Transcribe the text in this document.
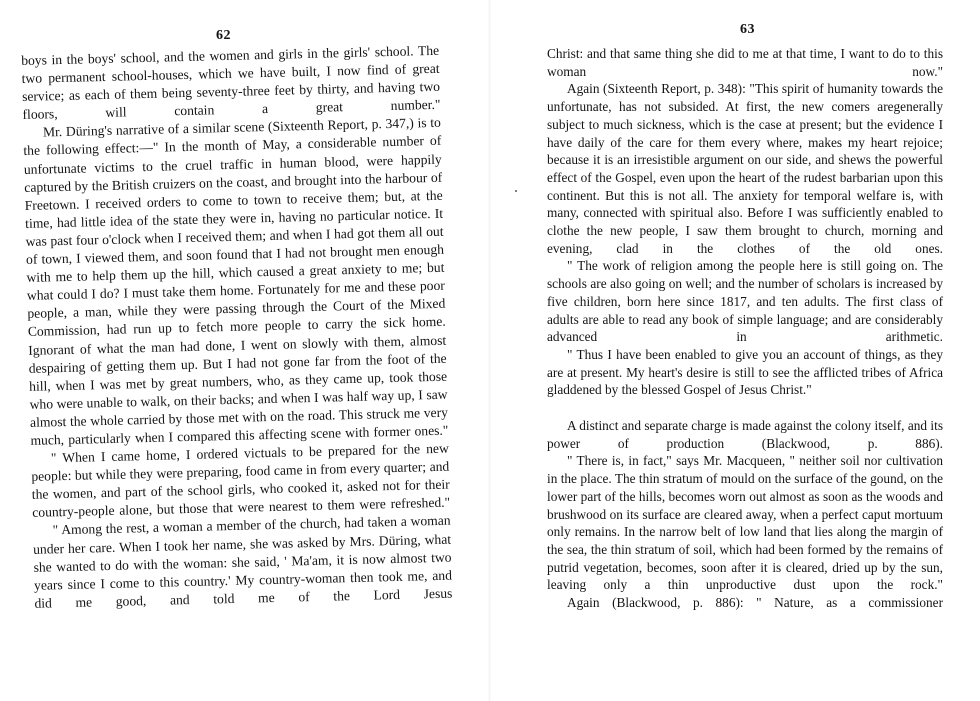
62

boys in the boys' school, and the women and girls in the girls' school. The two permanent school-houses, which we have built, I now find of great service; as each of them being seventy-three feet by thirty, and having two floors, will contain a great number."

Mr. Düring's narrative of a similar scene (Sixteenth Report, p. 347,) is to the following effect:—" In the month of May, a considerable number of unfortunate victims to the cruel traffic in human blood, were happily captured by the British cruizers on the coast, and brought into the harbour of Freetown. I received orders to come to town to receive them; but, at the time, had little idea of the state they were in, having no particular notice. It was past four o'clock when I received them; and when I had got them all out of town, I viewed them, and soon found that I had not brought men enough with me to help them up the hill, which caused a great anxiety to me; but what could I do? I must take them home. Fortunately for me and these poor people, a man, while they were passing through the Court of the Mixed Commission, had run up to fetch more people to carry the sick home. Ignorant of what the man had done, I went on slowly with them, almost despairing of getting them up. But I had not gone far from the foot of the hill, when I was met by great numbers, who, as they came up, took those who were unable to walk, on their backs; and when I was half way up, I saw almost the whole carried by those met with on the road. This struck me very much, particularly when I compared this affecting scene with former ones."

" When I came home, I ordered victuals to be prepared for the new people: but while they were preparing, food came in from every quarter; and the women, and part of the school girls, who cooked it, asked not for their country-people alone, but those that were nearest to them were refreshed."

" Among the rest, a woman a member of the church, had taken a woman under her care. When I took her name, she was asked by Mrs. Düring, what she wanted to do with the woman: she said, ' Ma'am, it is now almost two years since I come to this country.' My country-woman then took me, and did me good, and told me of the Lord Jesus

63

Christ: and that same thing she did to me at that time, I want to do to this woman now."

Again (Sixteenth Report, p. 348): "This spirit of humanity towards the unfortunate, has not subsided. At first, the new comers aregenerally subject to much sickness, which is the case at present; but the evidence I have daily of the care for them every where, makes my heart rejoice; because it is an irresistible argument on our side, and shews the powerful effect of the Gospel, even upon the heart of the rudest barbarian upon this continent. But this is not all. The anxiety for temporal welfare is, with many, connected with spiritual also. Before I was sufficiently enabled to clothe the new people, I saw them brought to church, morning and evening, clad in the clothes of the old ones.

" The work of religion among the people here is still going on. The schools are also going on well; and the number of scholars is increased by five children, born here since 1817, and ten adults. The first class of adults are able to read any book of simple language; and are considerably advanced in arithmetic.

" Thus I have been enabled to give you an account of things, as they are at present. My heart's desire is still to see the afflicted tribes of Africa gladdened by the blessed Gospel of Jesus Christ."

A distinct and separate charge is made against the colony itself, and its power of production (Blackwood, p. 886).

" There is, in fact," says Mr. Macqueen, " neither soil nor cultivation in the place. The thin stratum of mould on the surface of the gound, on the lower part of the hills, becomes worn out almost as soon as the woods and brushwood on its surface are cleared away, when a perfect caput mortuum only remains. In the narrow belt of low land that lies along the margin of the sea, the thin stratum of soil, which had been formed by the remains of putrid vegetation, becomes, soon after it is cleared, dried up by the sun, leaving only a thin unproductive dust upon the rock."

Again (Blackwood, p. 886): " Nature, as a commissioner
